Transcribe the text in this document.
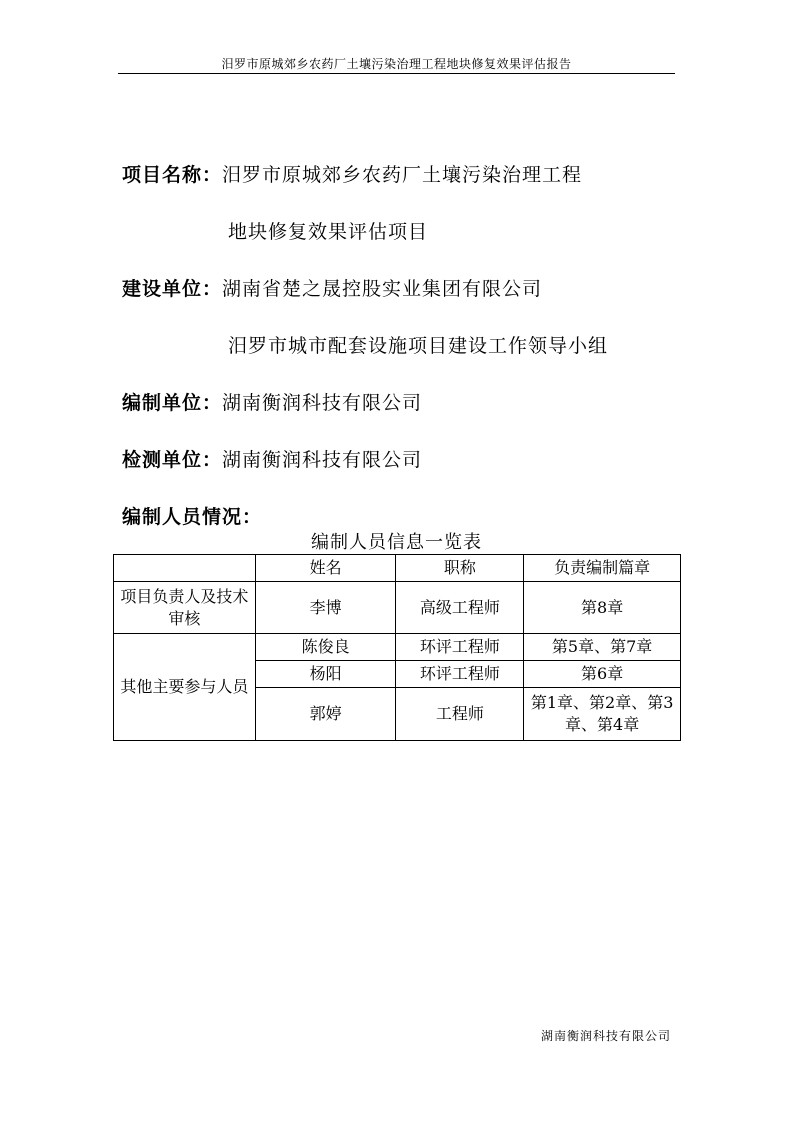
汨罗市原城郊乡农药厂土壤污染治理工程地块修复效果评估报告
项目名称：汨罗市原城郊乡农药厂土壤污染治理工程
地块修复效果评估项目
建设单位：湖南省楚之晟控股实业集团有限公司
汨罗市城市配套设施项目建设工作领导小组
编制单位：湖南衡润科技有限公司
检测单位：湖南衡润科技有限公司
编制人员情况：
编制人员信息一览表
	姓名	职称	负责编制篇章
项目负责人及技术审核	李博	高级工程师	第8章
其他主要参与人员	陈俊良	环评工程师	第5章、第7章
	杨阳	环评工程师	第6章
	郭婷	工程师	第1章、第2章、第3章、第4章
湖南衡润科技有限公司
